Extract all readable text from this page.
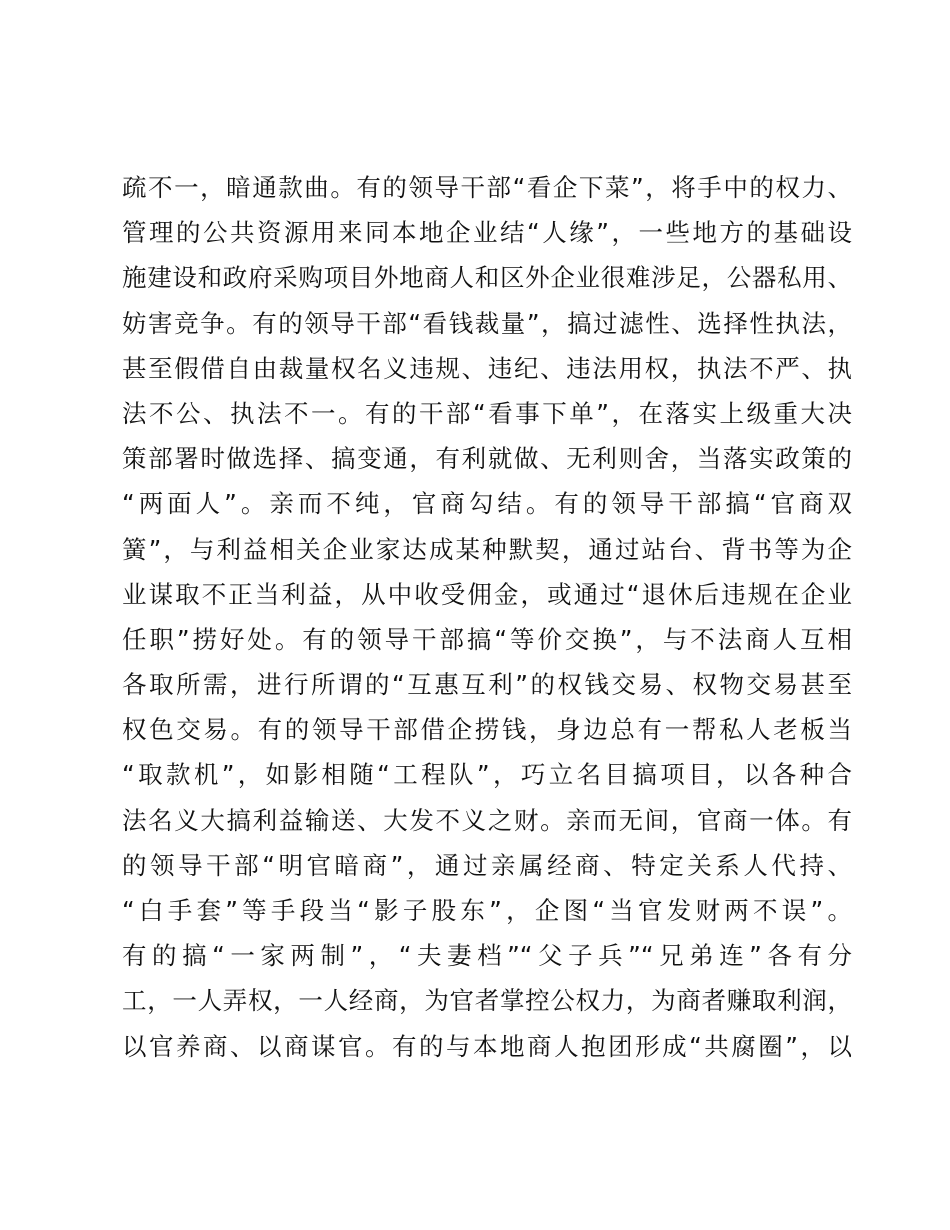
疏不一，暗通款曲。有的领导干部“看企下菜”，将手中的权力、
管理的公共资源用来同本地企业结“人缘”，一些地方的基础设
施建设和政府采购项目外地商人和区外企业很难涉足，公器私用、
妨害竞争。有的领导干部“看钱裁量”，搞过滤性、选择性执法，
甚至假借自由裁量权名义违规、违纪、违法用权，执法不严、执
法不公、执法不一。有的干部“看事下单”，在落实上级重大决
策部署时做选择、搞变通，有利就做、无利则舍，当落实政策的
“两面人”。亲而不纯，官商勾结。有的领导干部搞“官商双
簧”，与利益相关企业家达成某种默契，通过站台、背书等为企
业谋取不正当利益，从中收受佣金，或通过“退休后违规在企业
任职”捞好处。有的领导干部搞“等价交换”，与不法商人互相
各取所需，进行所谓的“互惠互利”的权钱交易、权物交易甚至
权色交易。有的领导干部借企捞钱，身边总有一帮私人老板当
“取款机”，如影相随“工程队”，巧立名目搞项目，以各种合
法名义大搞利益输送、大发不义之财。亲而无间，官商一体。有
的领导干部“明官暗商”，通过亲属经商、特定关系人代持、
“白手套”等手段当“影子股东”，企图“当官发财两不误”。
有的搞“一家两制”，“夫妻档”“父子兵”“兄弟连”各有分
工，一人弄权，一人经商，为官者掌控公权力，为商者赚取利润，
以官养商、以商谋官。有的与本地商人抱团形成“共腐圈”，以
